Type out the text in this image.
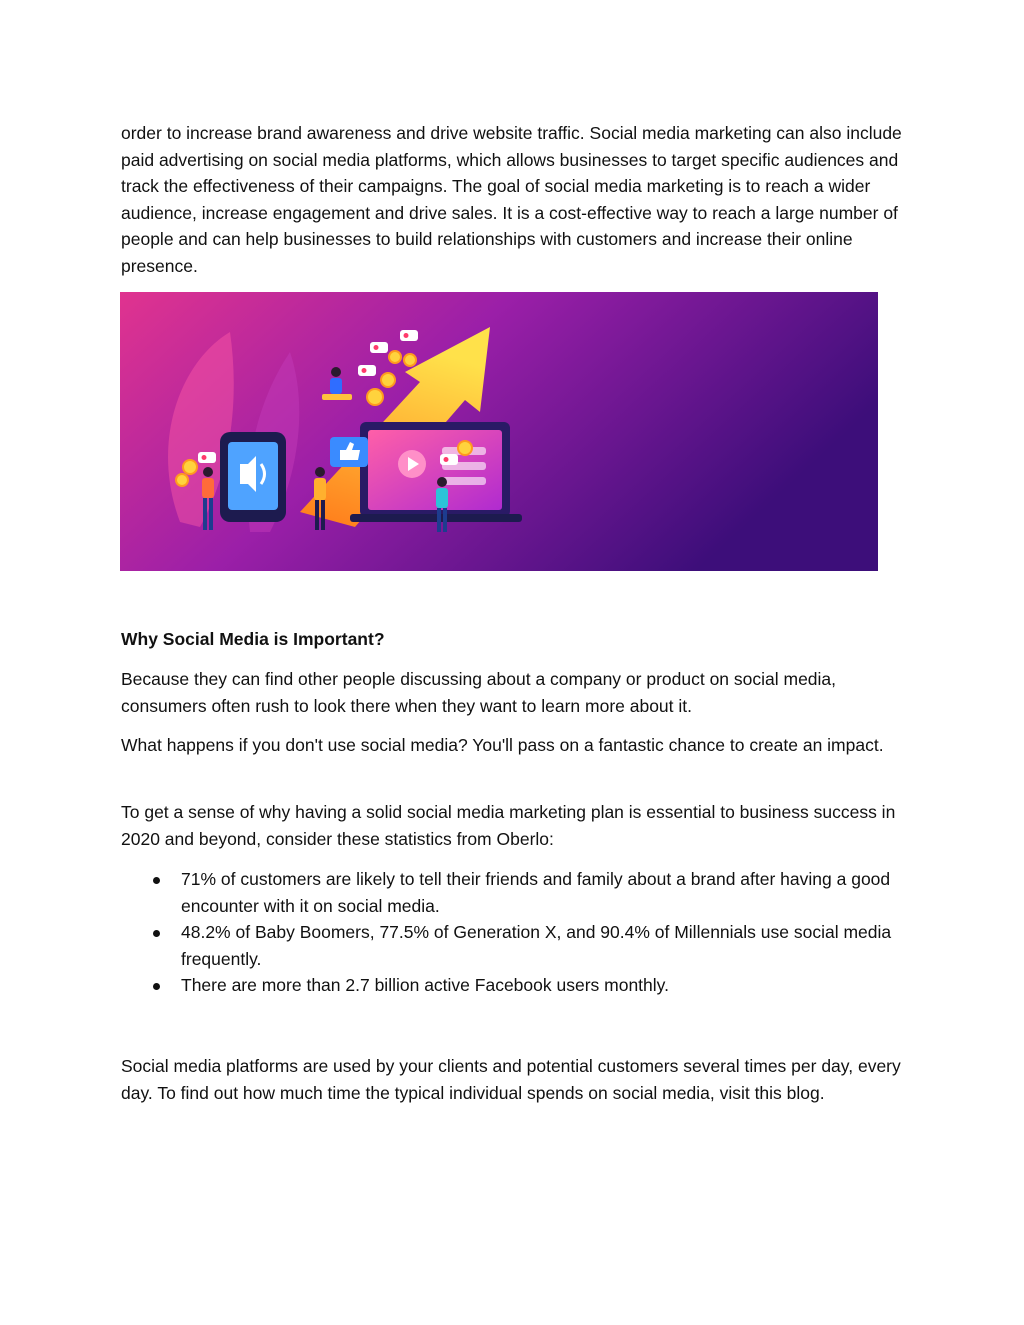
order to increase brand awareness and drive website traffic. Social media marketing can also include paid advertising on social media platforms, which allows businesses to target specific audiences and track the effectiveness of their campaigns. The goal of social media marketing is to reach a wider audience, increase engagement and drive sales. It is a cost-effective way to reach a large number of people and can help businesses to build relationships with customers and increase their online presence.

Why Social Media is Important?

Because they can find other people discussing about a company or product on social media, consumers often rush to look there when they want to learn more about it.

What happens if you don't use social media? You'll pass on a fantastic chance to create an impact.

To get a sense of why having a solid social media marketing plan is essential to business success in 2020 and beyond, consider these statistics from Oberlo:

71% of customers are likely to tell their friends and family about a brand after having a good encounter with it on social media.
48.2% of Baby Boomers, 77.5% of Generation X, and 90.4% of Millennials use social media frequently.
There are more than 2.7 billion active Facebook users monthly.

Social media platforms are used by your clients and potential customers several times per day, every day. To find out how much time the typical individual spends on social media, visit this blog.
